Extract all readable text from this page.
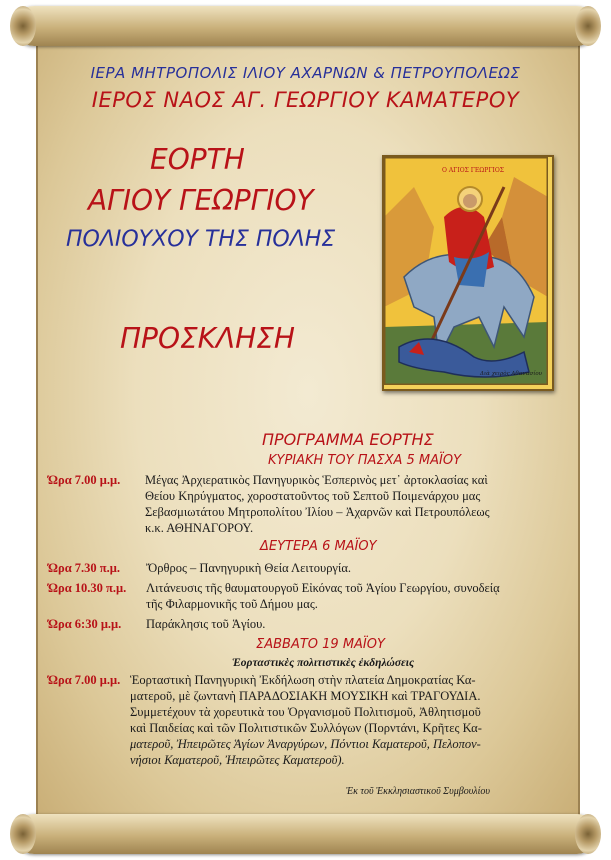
ΙΕΡΑ ΜΗΤΡΟΠΟΛΙΣ ΙΛΙΟΥ ΑΧΑΡΝΩΝ & ΠΕΤΡΟΥΠΟΛΕΩΣ
ΙΕΡΟΣ ΝΑΟΣ ΑΓ. ΓΕΩΡΓΙΟΥ ΚΑΜΑΤΕΡΟΥ
ΕΟΡΤΗ
ΑΓΙΟΥ ΓΕΩΡΓΙΟΥ
ΠΟΛΙΟΥΧΟΥ ΤΗΣ ΠΟΛΗΣ
ΠΡΟΣΚΛΗΣΗ
Ο ΑΓΙΟΣ ΓΕΩΡΓΙΟΣ
Διὰ χειρὸς Αθανασίου
ΠΡΟΓΡΑΜΜΑ ΕΟΡΤΗΣ
ΚΥΡΙΑΚΗ ΤΟΥ ΠΑΣΧΑ 5 ΜΑΪΟΥ
Ώρα 7.00 μ.μ. Μέγας Ἀρχιερατικὸς Πανηγυρικὸς Ἑσπερινὸς μετ᾽ ἀρτοκλασίας καὶ
Θείου Κηρύγματος, χοροστατοῦντος τοῦ Σεπτοῦ Ποιμενάρχου μας
Σεβασμιωτάτου Μητροπολίτου Ἰλίου – Ἀχαρνῶν καὶ Πετρουπόλεως
κ.κ. ΑΘΗΝΑΓΟΡΟΥ.
ΔΕΥΤΕΡΑ 6 ΜΑΪΟΥ
Ώρα 7.30 π.μ. Ὄρθρος – Πανηγυρικὴ Θεία Λειτουργία.
Ώρα 10.30 π.μ. Λιτάνευσις τῆς θαυματουργοῦ Εἰκόνας τοῦ Ἁγίου Γεωργίου, συνοδείᾳ
τῆς Φιλαρμονικῆς τοῦ Δήμου μας.
Ώρα 6:30 μ.μ. Παράκλησις τοῦ Ἁγίου.
ΣΑΒΒΑΤΟ 19 ΜΑΪΟΥ
Ἑορταστικὲς πολιτιστικὲς ἐκδηλώσεις
Ώρα 7.00 μ.μ. Ἑορταστικὴ Πανηγυρικὴ Ἐκδήλωση στὴν πλατεία Δημοκρατίας Κα-
ματεροῦ, μὲ ζωντανὴ ΠΑΡΑΔΟΣΙΑΚΗ ΜΟΥΣΙΚΗ καὶ ΤΡΑΓΟΥΔΙΑ.
Συμμετέχουν τὰ χορευτικὰ του Ὀργανισμοῦ Πολιτισμοῦ, Ἀθλητισμοῦ
καὶ Παιδείας καὶ τῶν Πολιτιστικῶν Συλλόγων (Πορντάνι, Κρῆτες Κα-
ματεροῦ, Ἠπειρῶτες Ἁγίων Ἀναργύρων, Πόντιοι Καματεροῦ, Πελοπον-
νήσιοι Καματεροῦ, Ἠπειρῶτες Καματεροῦ).
Ἐκ τοῦ Ἐκκλησιαστικοῦ Συμβουλίου
